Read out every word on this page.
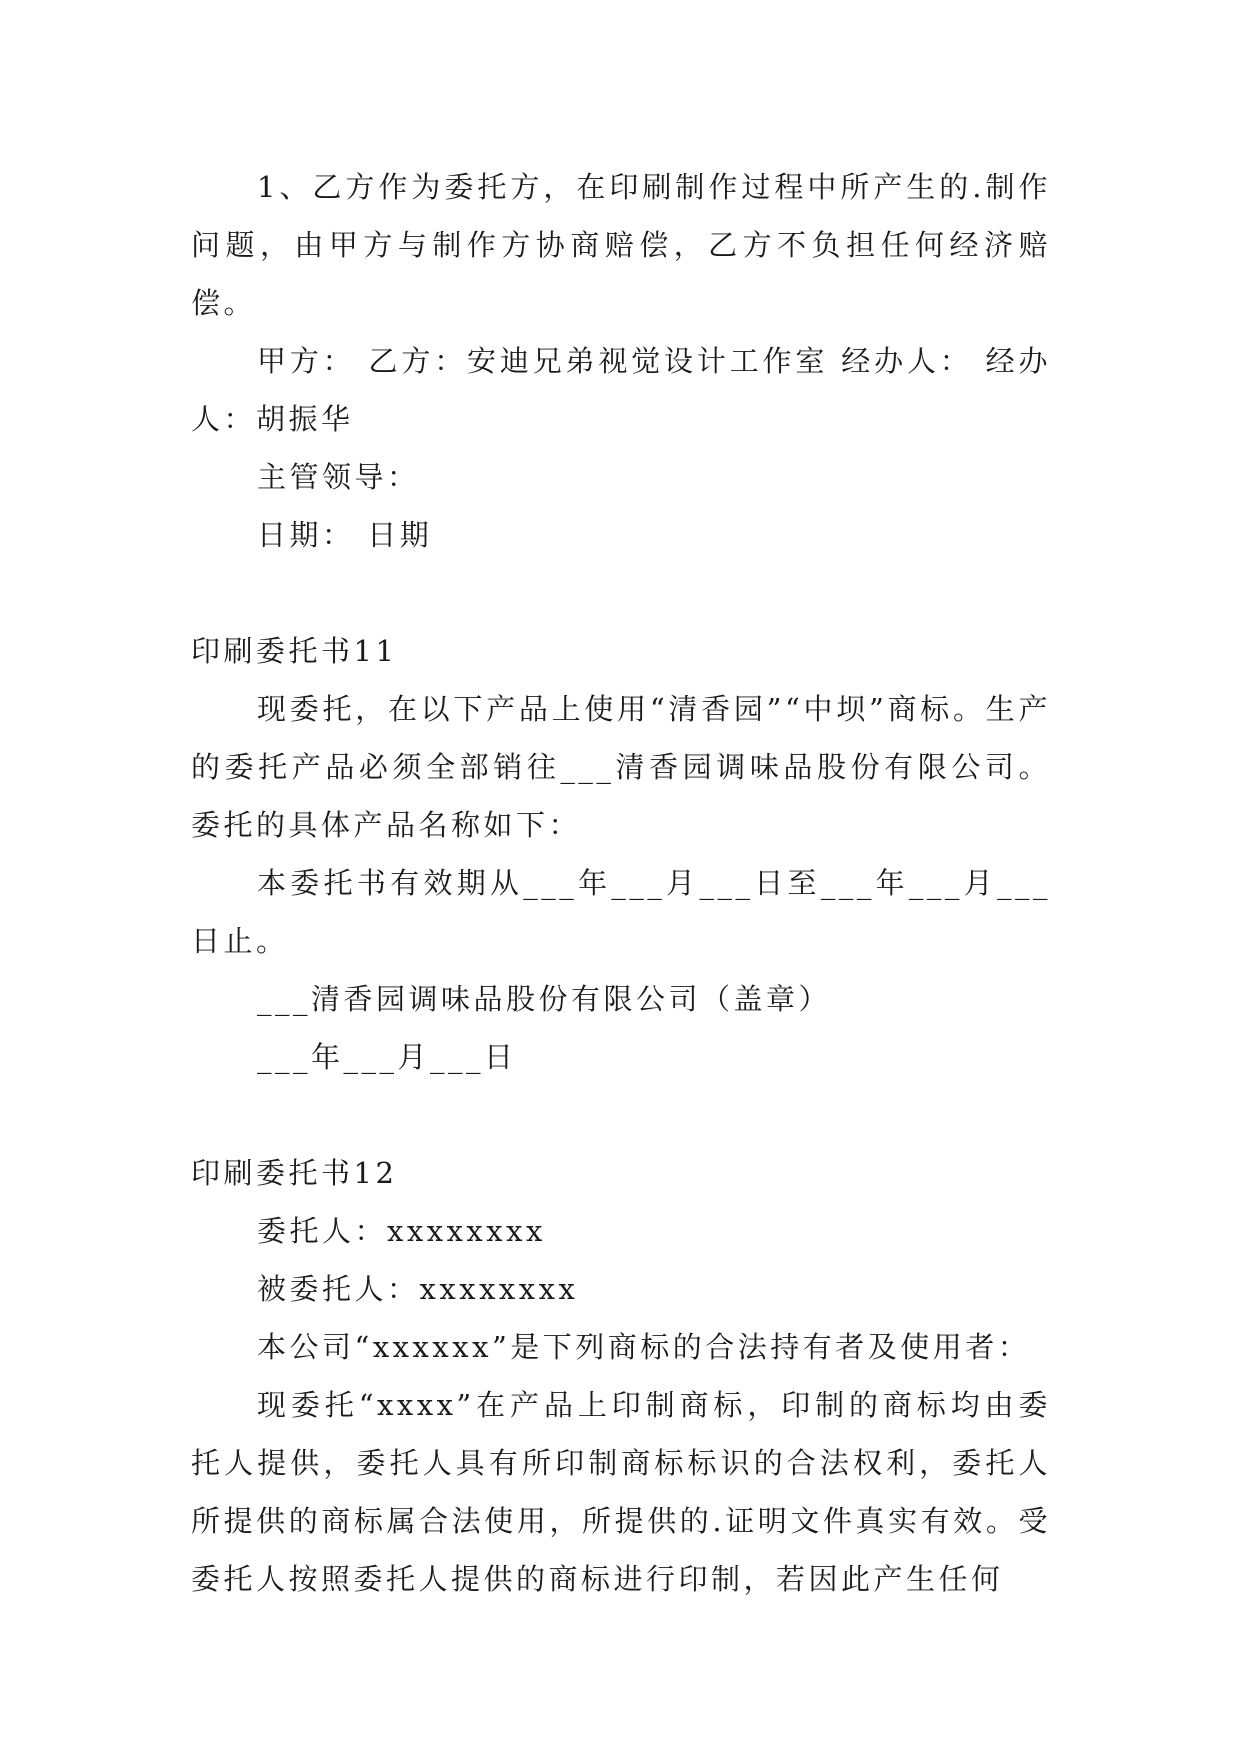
1、乙方作为委托方，在印刷制作过程中所产生的.制作问题，由甲方与制作方协商赔偿，乙方不负担任何经济赔偿。

甲方： 乙方：安迪兄弟视觉设计工作室 经办人： 经办人：胡振华

主管领导：

日期： 日期

印刷委托书11

现委托，在以下产品上使用“清香园”“中坝”商标。生产的委托产品必须全部销往___清香园调味品股份有限公司。委托的具体产品名称如下：

本委托书有效期从___年___月___日至___年___月___日止。

___清香园调味品股份有限公司（盖章）

___年___月___日

印刷委托书12

委托人：xxxxxxxx

被委托人：xxxxxxxx

本公司“xxxxxx”是下列商标的合法持有者及使用者：

现委托“xxxx”在产品上印制商标，印制的商标均由委托人提供，委托人具有所印制商标标识的合法权利，委托人所提供的商标属合法使用，所提供的.证明文件真实有效。受委托人按照委托人提供的商标进行印制，若因此产生任何
